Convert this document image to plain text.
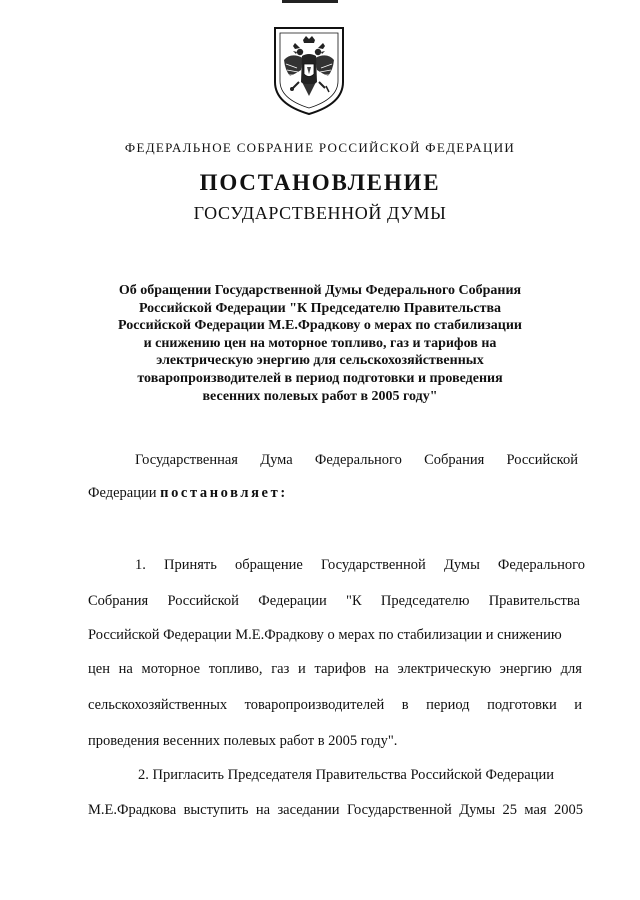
ФЕДЕРАЛЬНОЕ СОБРАНИЕ РОССИЙСКОЙ ФЕДЕРАЦИИ
ПОСТАНОВЛЕНИЕ
ГОСУДАРСТВЕННОЙ ДУМЫ
Об обращении Государственной Думы Федерального Собрания
Российской Федерации "К Председателю Правительства
Российской Федерации М.Е.Фрадкову о мерах по стабилизации
и снижению цен на моторное топливо, газ и тарифов на
электрическую энергию для сельскохозяйственных
товаропроизводителей в период подготовки и проведения
весенних полевых работ в 2005 году"
Государственная Дума Федерального Собрания Российской
Федерации постановляет:
1. Принять обращение Государственной Думы Федерального
Собрания Российской Федерации "К Председателю Правительства
Российской Федерации М.Е.Фрадкову о мерах по стабилизации и снижению
цен на моторное топливо, газ и тарифов на электрическую энергию для
сельскохозяйственных товаропроизводителей в период подготовки и
проведения весенних полевых работ в 2005 году".
2. Пригласить Председателя Правительства Российской Федерации
М.Е.Фрадкова выступить на заседании Государственной Думы 25 мая 2005
